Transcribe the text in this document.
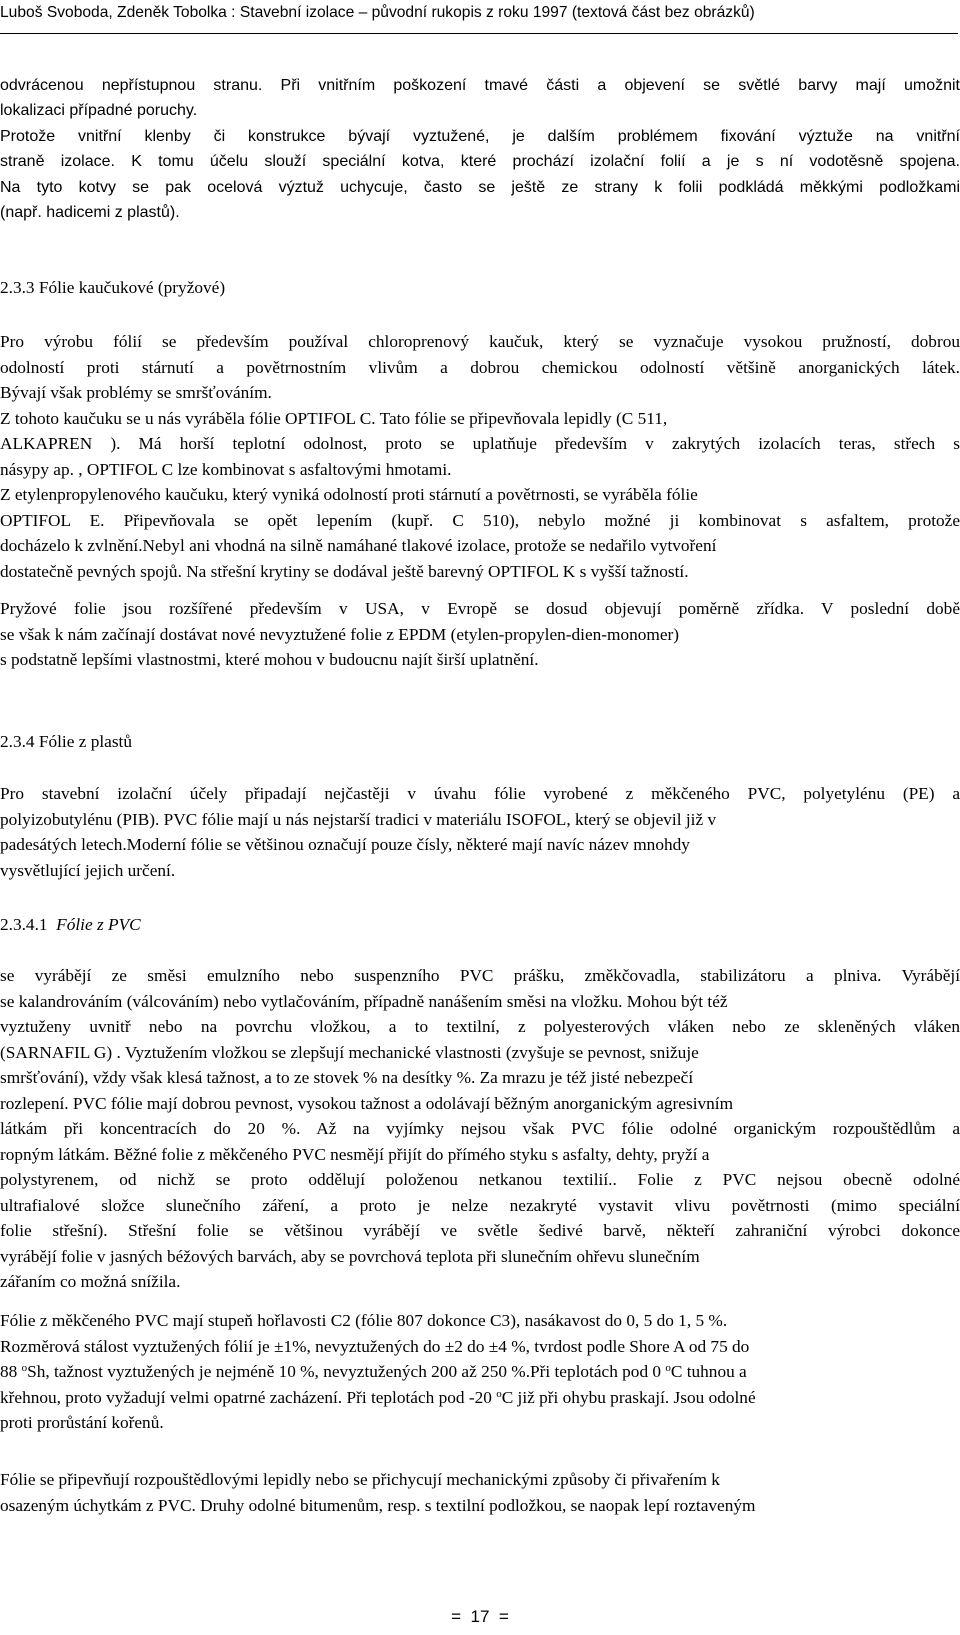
Luboš Svoboda, Zdeněk Tobolka : Stavební izolace – původní rukopis z roku 1997 (textová část bez obrázků)
odvrácenou nepřístupnou stranu. Při vnitřním poškození tmavé části a objevení se světlé barvy mají umožnit
lokalizaci případné poruchy.
Protože vnitřní klenby či konstrukce bývají vyztužené, je dalším problémem fixování výztuže na vnitřní
straně izolace. K tomu účelu slouží speciální kotva, které prochází izolační folií a je s ní vodotěsně spojena.
Na tyto kotvy se pak ocelová výztuž uchycuje, často se ještě ze strany k folii podkládá měkkými podložkami
(např. hadicemi z plastů).
2.3.3 Fólie kaučukové (pryžové)
Pro výrobu fólií se především používal chloroprenový kaučuk, který se vyznačuje vysokou pružností, dobrou
odolností proti stárnutí a povětrnostním vlivům a dobrou chemickou odolností většině anorganických látek.
Bývají však problémy se smršťováním.
Z tohoto kaučuku se u nás vyráběla fólie OPTIFOL C. Tato fólie se připevňovala lepidly (C 511,
ALKAPREN ). Má horší teplotní odolnost, proto se uplatňuje především v zakrytých izolacích teras, střech s
násypy ap. , OPTIFOL C lze kombinovat s asfaltovými hmotami.
Z etylenpropylenového kaučuku, který vyniká odolností proti stárnutí a povětrnosti, se vyráběla fólie
OPTIFOL E. Připevňovala se opět lepením (kupř. C 510), nebylo možné ji kombinovat s asfaltem, protože
docházelo k zvlnění.Nebyl ani vhodná na silně namáhané tlakové izolace, protože se nedařilo vytvoření
dostatečně pevných spojů. Na střešní krytiny se dodával ještě barevný OPTIFOL K s vyšší tažností.
Pryžové folie jsou rozšířené především v USA, v Evropě se dosud objevují poměrně zřídka. V poslední době
se však k nám začínají dostávat nové nevyztužené folie z EPDM (etylen-propylen-dien-monomer)
s podstatně lepšími vlastnostmi, které mohou v budoucnu najít širší uplatnění.
2.3.4 Fólie z plastů
Pro stavební izolační účely připadají nejčastěji v úvahu fólie vyrobené z měkčeného PVC, polyetylénu (PE) a
polyizobutylénu (PIB). PVC fólie mají u nás nejstarší tradici v materiálu ISOFOL, který se objevil již v
padesátých letech.Moderní fólie se většinou označují pouze čísly, některé mají navíc název mnohdy
vysvětlující jejich určení.
2.3.4.1 Fólie z PVC
se vyrábějí ze směsi emulzního nebo suspenzního PVC prášku, změkčovadla, stabilizátoru a plniva. Vyrábějí
se kalandrováním (válcováním) nebo vytlačováním, případně nanášením směsi na vložku. Mohou být též
vyztuženy uvnitř nebo na povrchu vložkou, a to textilní, z polyesterových vláken nebo ze skleněných vláken
(SARNAFIL G) . Vyztužením vložkou se zlepšují mechanické vlastnosti (zvyšuje se pevnost, snižuje
smršťování), vždy však klesá tažnost, a to ze stovek % na desítky %. Za mrazu je též jisté nebezpečí
rozlepení. PVC fólie mají dobrou pevnost, vysokou tažnost a odolávají běžným anorganickým agresivním
látkám při koncentracích do 20 %. Až na vyjímky nejsou však PVC fólie odolné organickým rozpouštědlům a
ropným látkám. Běžné folie z měkčeného PVC nesmějí přijít do přímého styku s asfalty, dehty, pryží a
polystyrenem, od nichž se proto oddělují položenou netkanou textilií.. Folie z PVC nejsou obecně odolné
ultrafialové složce slunečního záření, a proto je nelze nezakryté vystavit vlivu povětrnosti (mimo speciální
folie střešní). Střešní folie se většinou vyrábějí ve světle šedivé barvě, někteří zahraniční výrobci dokonce
vyrábějí folie v jasných béžových barvách, aby se povrchová teplota při slunečním ohřevu slunečním
zářaním co možná snížila.
Fólie z měkčeného PVC mají stupeň hořlavosti C2 (fólie 807 dokonce C3), nasákavost do 0, 5 do 1, 5 %.
Rozměrová stálost vyztužených fólií je ±1%, nevyztužených do ±2 do ±4 %, tvrdost podle Shore A od 75 do
88 $^o$Sh, tažnost vyztužených je nejméně 10 %, nevyztužených 200 až 250 %.Při teplotách pod 0 $^o$C tuhnou a
křehnou, proto vyžadují velmi opatrné zacházení. Při teplotách pod -20 $^o$C již při ohybu praskají. Jsou odolné
proti prorůstání kořenů.
Fólie se připevňují rozpouštědlovými lepidly nebo se přichycují mechanickými způsoby či přivařením k
osazeným úchytkám z PVC. Druhy odolné bitumenům, resp. s textilní podložkou, se naopak lepí roztaveným
=  17  =
